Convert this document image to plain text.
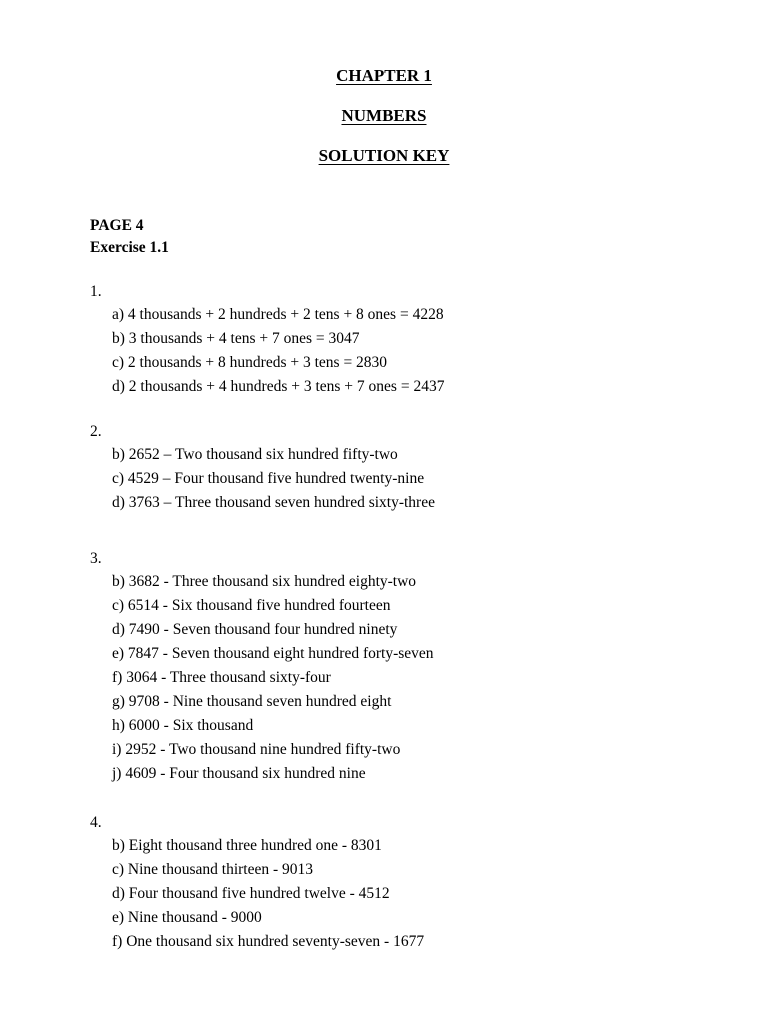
CHAPTER 1
NUMBERS
SOLUTION KEY
PAGE 4
Exercise 1.1
1.
a) 4 thousands + 2 hundreds + 2 tens + 8 ones = 4228
b) 3 thousands + 4 tens + 7 ones = 3047
c) 2 thousands + 8 hundreds + 3 tens = 2830
d) 2 thousands + 4 hundreds + 3 tens + 7 ones = 2437
2.
b) 2652 – Two thousand six hundred fifty-two
c) 4529 – Four thousand five hundred twenty-nine
d) 3763 – Three thousand seven hundred sixty-three
3.
b) 3682 - Three thousand six hundred eighty-two
c) 6514 - Six thousand five hundred fourteen
d) 7490 - Seven thousand four hundred ninety
e) 7847 - Seven thousand eight hundred forty-seven
f) 3064 - Three thousand sixty-four
g) 9708 - Nine thousand seven hundred eight
h) 6000 - Six thousand
i) 2952 - Two thousand nine hundred fifty-two
j) 4609 - Four thousand six hundred nine
4.
b) Eight thousand three hundred one - 8301
c) Nine thousand thirteen - 9013
d) Four thousand five hundred twelve - 4512
e) Nine thousand - 9000
f) One thousand six hundred seventy-seven - 1677
